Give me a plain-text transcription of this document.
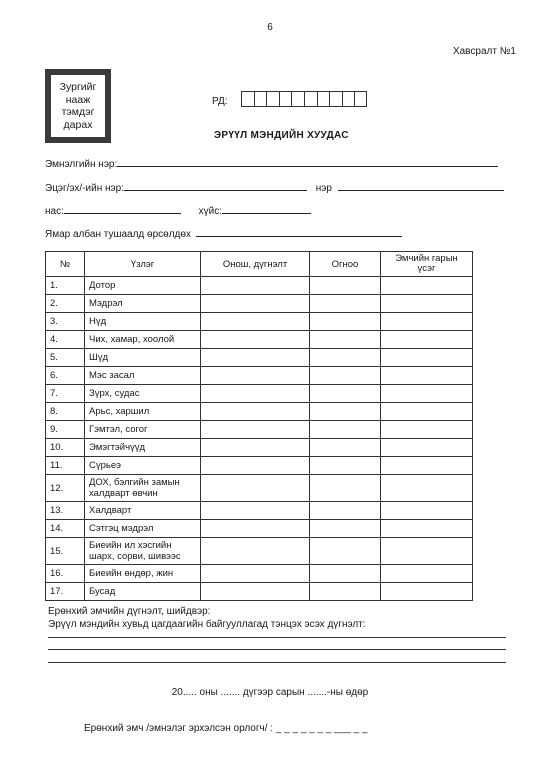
6
Хавсралт №1
Зургийг
нааж
тэмдэг
дарах
РД:
ЭРҮҮЛ МЭНДИЙН ХУУДАС
Эмнэлгийн нэр:
Эцэг/эх/-ийн нэр:	нэр
нас:	хүйс:
Ямар албан тушаалд өрсөлдөх
№	Үзлэг	Онош, дүгнэлт	Огноо	Эмчийн гарын үсэг
1.	Дотор			
2.	Мэдрэл			
3.	Нүд			
4.	Чих, хамар, хоолой			
5.	Шүд			
6.	Мэс засал			
7.	Зүрх, судас			
8.	Арьс, харшил			
9.	Гэмтэл, согог			
10.	Эмэгтэйчүүд			
11.	Сүрьеэ			
12.	ДОХ, бэлгийн замын халдварт өвчин			
13.	Халдварт			
14.	Сэтгэц мэдрэл			
15.	Биеийн ил хэсгийн шарх, сорви, шивээс			
16.	Биеийн өндөр, жин			
17.	Бусад			
Ерөнхий эмчийн дүгнэлт, шийдвэр:
Эрүүл мэндийн хувьд цагдаагийн байгууллагад тэнцэх эсэх дүгнэлт:
20..... оны ....... дүгээр сарын .......-ны өдөр
Ерөнхий эмч /эмнэлэг эрхэлсэн орлогч/ : _ _ _ _ _ _ _ ___ _ _
